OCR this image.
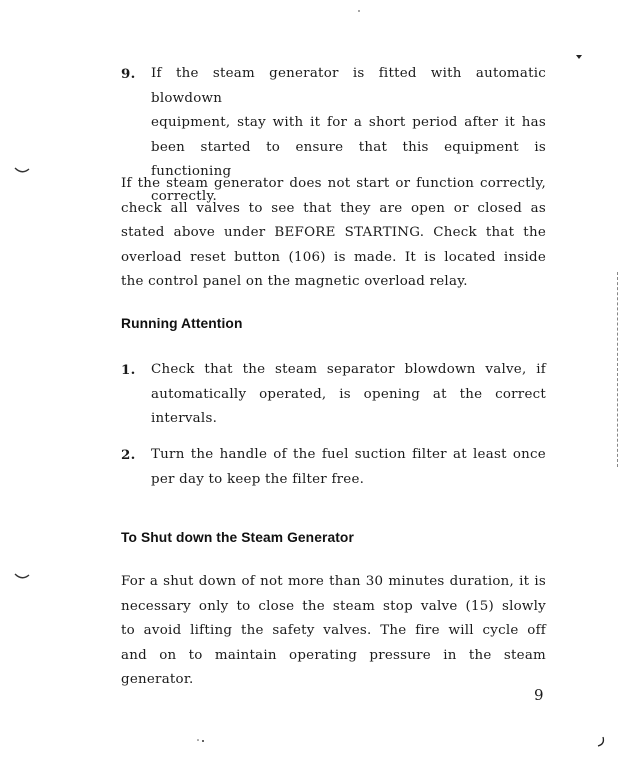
9. If the steam generator is fitted with automatic blowdown
equipment, stay with it for a short period after it has
been started to ensure that this equipment is functioning
correctly.
If the steam generator does not start or function correctly,
check all valves to see that they are open or closed as
stated above under BEFORE STARTING. Check that the
overload reset button (106) is made. It is located inside
the control panel on the magnetic overload relay.
Running Attention
1. Check that the steam separator blowdown valve, if
automatically operated, is opening at the correct
intervals.
2. Turn the handle of the fuel suction filter at least once
per day to keep the filter free.
To Shut down the Steam Generator
For a shut down of not more than 30 minutes duration, it is
necessary only to close the steam stop valve (15) slowly
to avoid lifting the safety valves. The fire will cycle off
and on to maintain operating pressure in the steam generator.
9
